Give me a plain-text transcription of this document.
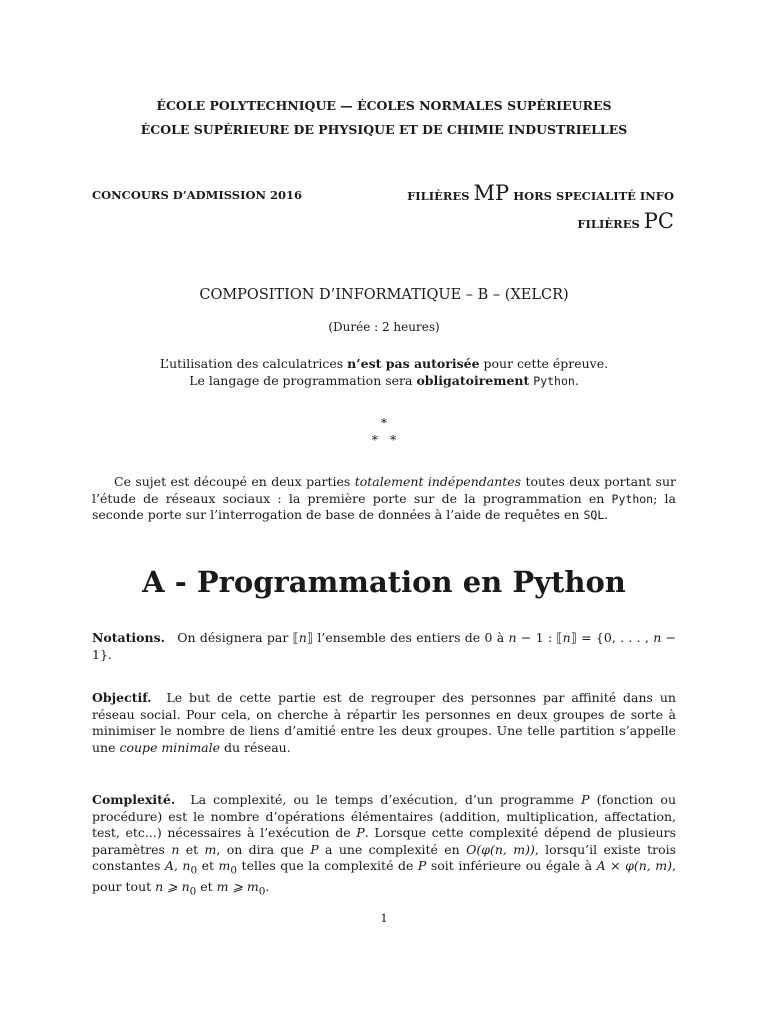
ÉCOLE POLYTECHNIQUE — ÉCOLES NORMALES SUPÉRIEURES
ÉCOLE SUPÉRIEURE DE PHYSIQUE ET DE CHIMIE INDUSTRIELLES
CONCOURS D’ADMISSION 2016	FILIÈRES MP HORS SPECIALITÉ INFO
FILIÈRES PC
COMPOSITION D’INFORMATIQUE – B – (XELCR)
(Durée : 2 heures)
L’utilisation des calculatrices n’est pas autorisée pour cette épreuve.
Le langage de programmation sera obligatoirement Python.
*
*   *
Ce sujet est découpé en deux parties totalement indépendantes toutes deux portant sur l’étude de réseaux sociaux : la première porte sur de la programmation en Python; la seconde porte sur l’interrogation de base de données à l’aide de requêtes en SQL.
A - Programmation en Python
Notations. On désignera par ⟦n⟧ l’ensemble des entiers de 0 à n − 1 : ⟦n⟧ = {0, . . . , n − 1}.
Objectif. Le but de cette partie est de regrouper des personnes par affinité dans un réseau social. Pour cela, on cherche à répartir les personnes en deux groupes de sorte à minimiser le nombre de liens d’amitié entre les deux groupes. Une telle partition s’appelle une coupe minimale du réseau.
Complexité. La complexité, ou le temps d’exécution, d’un programme P (fonction ou procédure) est le nombre d’opérations élémentaires (addition, multiplication, affectation, test, etc...) nécessaires à l’exécution de P. Lorsque cette complexité dépend de plusieurs paramètres n et m, on dira que P a une complexité en O(φ(n, m)), lorsqu’il existe trois constantes A, $n_0$ et $m_0$ telles que la complexité de P soit inférieure ou égale à A × φ(n, m), pour tout n ⩾ $n_0$ et m ⩾ $m_0$.
1
